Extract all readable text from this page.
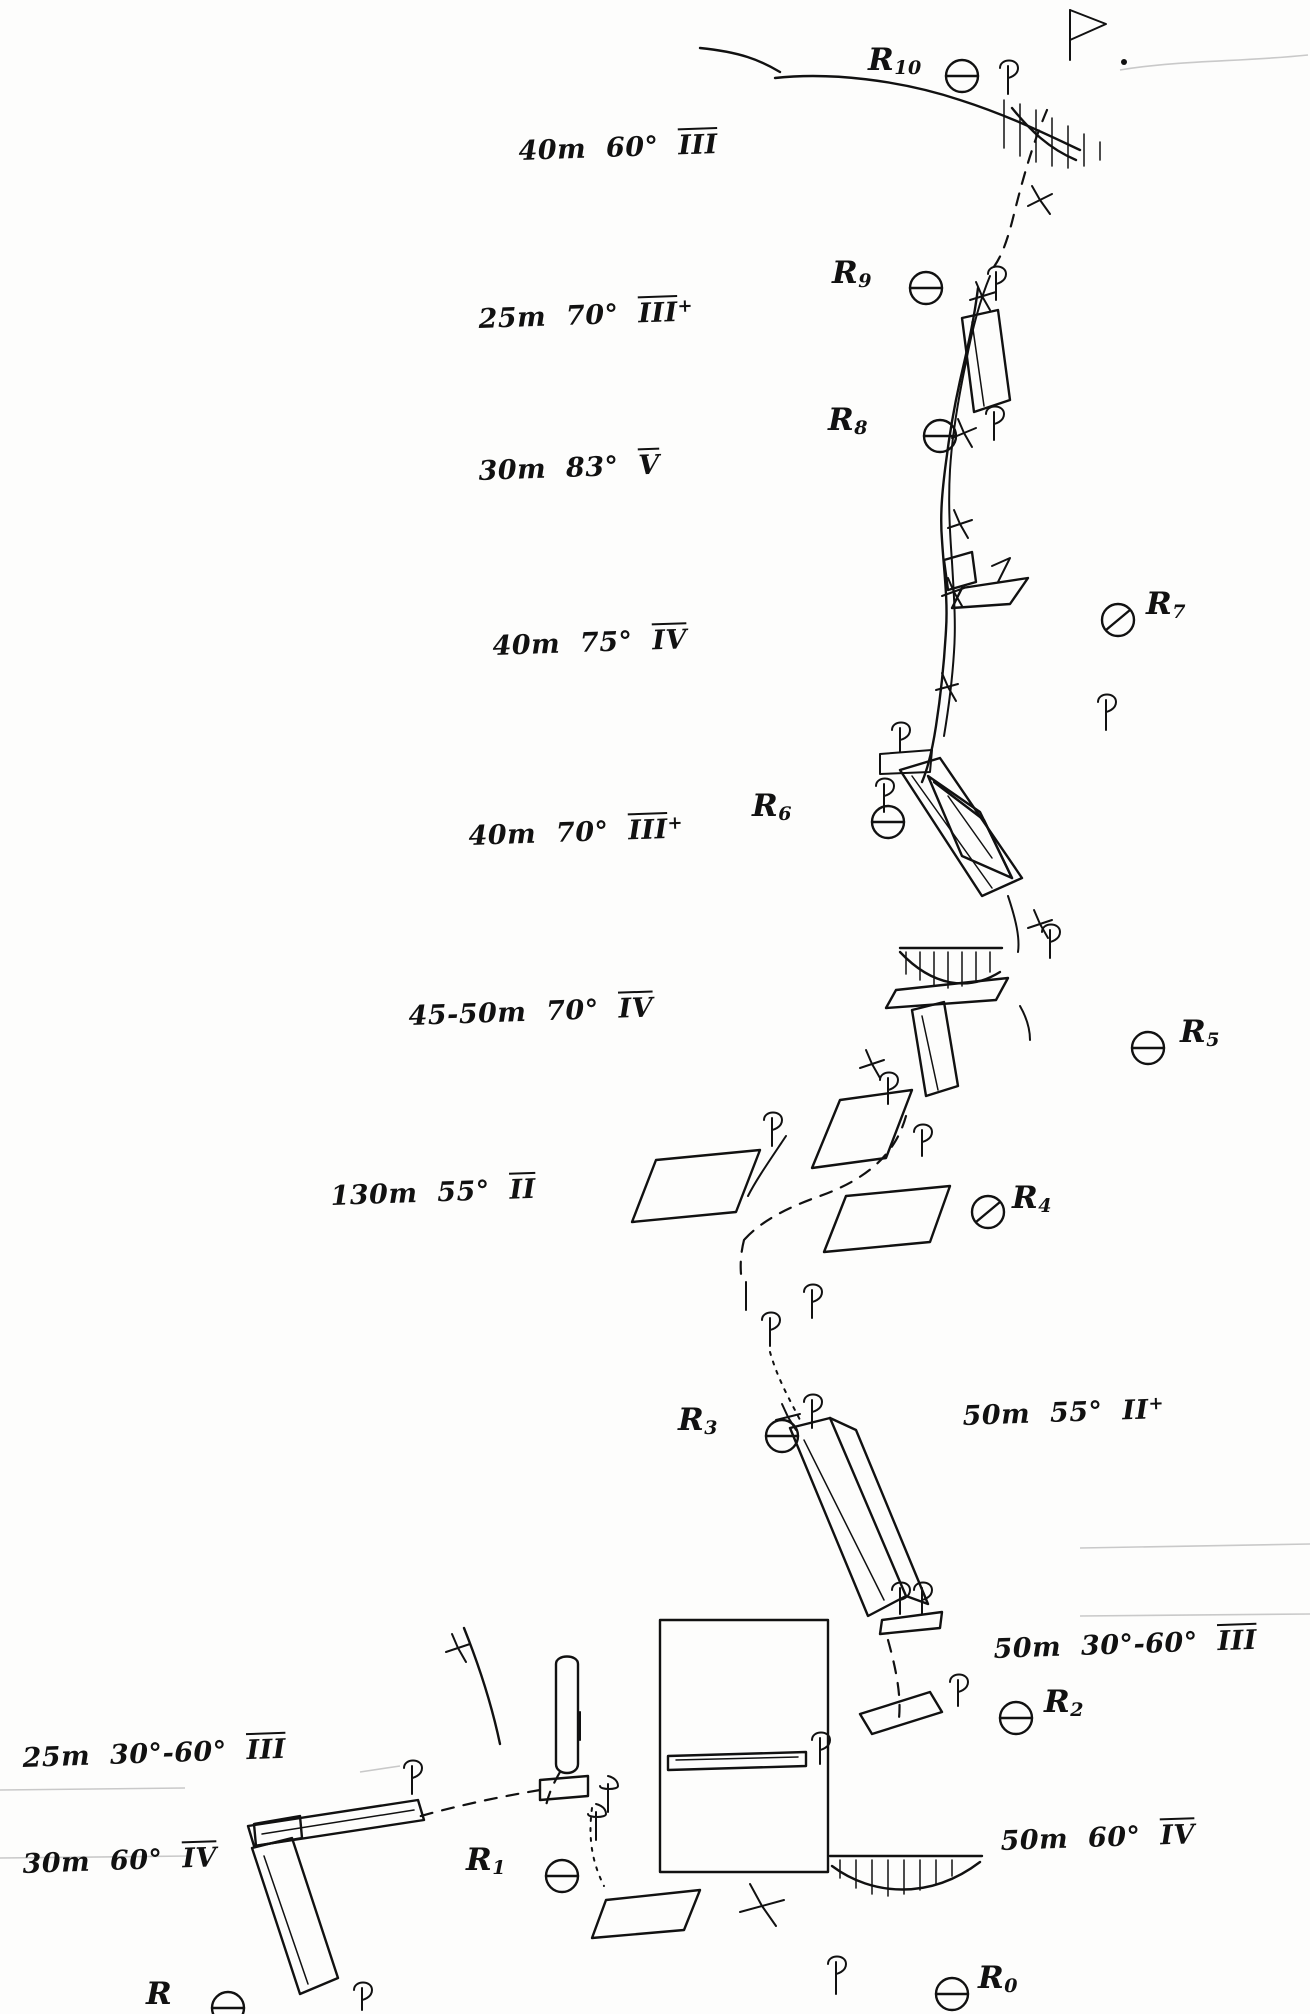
$R_{10}$
$R_9$
$R_8$
$R_7$
$R_6$
$R_5$
$R_4$
$R_3$
$R_2$
$R_1$
$R_0$
R
40m 60° $\overline{III}$
25m 70° $\overline{III}^+$
30m 83° $\overline{V}$
40m 75° $\overline{IV}$
40m 70° $\overline{III}^+$
45-50m 70° $\overline{IV}$
130m 55° $\overline{II}$
50m 55° II+
50m 30°-60° $\overline{III}$
25m 30°-60° $\overline{III}$
50m 60° $\overline{IV}$
30m 60° $\overline{IV}$
